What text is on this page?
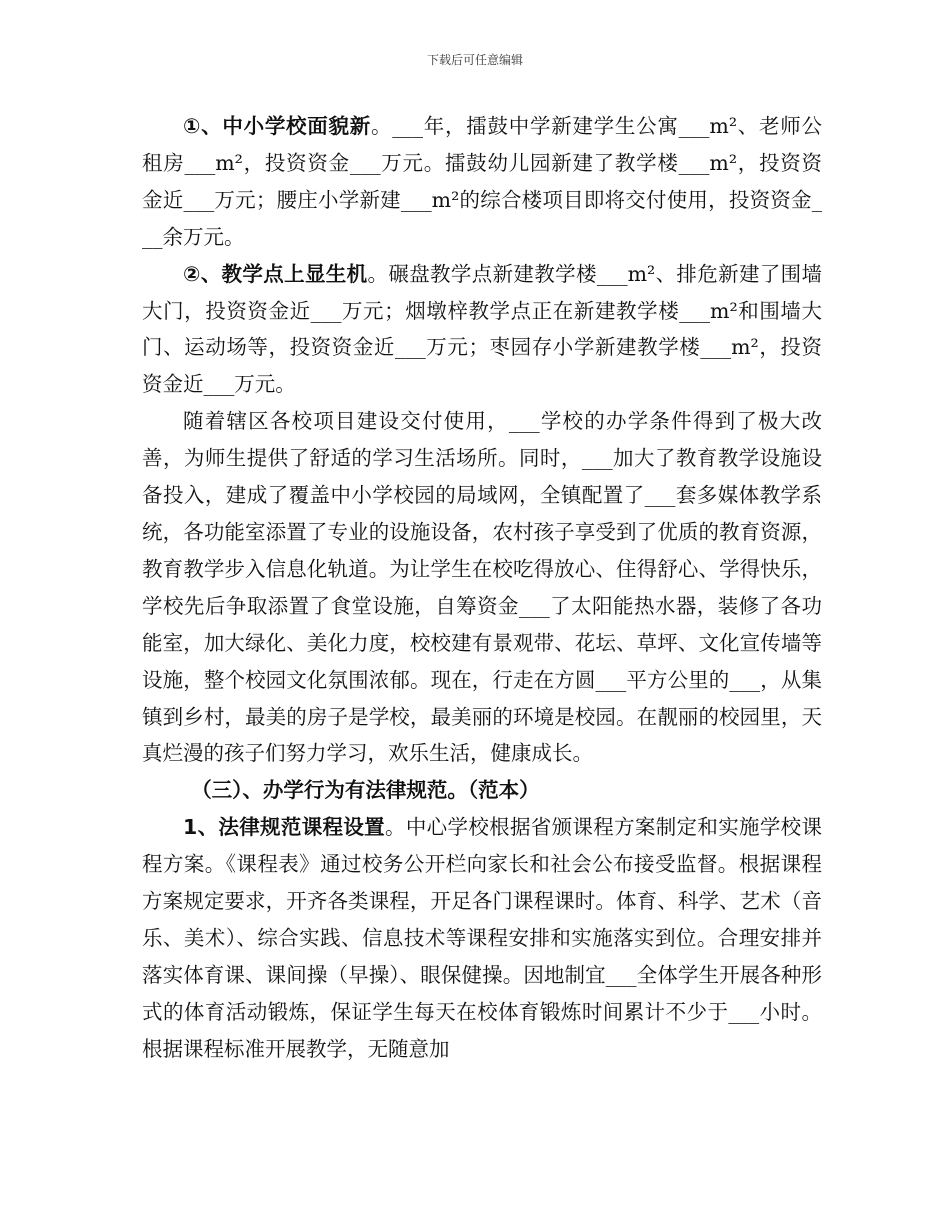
下载后可任意编辑

①、中小学校面貌新。___年，擂鼓中学新建学生公寓___m²、老师公租房___m²，投资资金___万元。擂鼓幼儿园新建了教学楼___m²，投资资金近___万元；腰庄小学新建___m²的综合楼项目即将交付使用，投资资金___余万元。

②、教学点上显生机。碾盘教学点新建教学楼___m²、排危新建了围墙大门，投资资金近___万元；烟墩梓教学点正在新建教学楼___m²和围墙大门、运动场等，投资资金近___万元；枣园存小学新建教学楼___m²，投资资金近___万元。

随着辖区各校项目建设交付使用，___学校的办学条件得到了极大改善，为师生提供了舒适的学习生活场所。同时，___加大了教育教学设施设备投入，建成了覆盖中小学校园的局域网，全镇配置了___套多媒体教学系统，各功能室添置了专业的设施设备，农村孩子享受到了优质的教育资源，教育教学步入信息化轨道。为让学生在校吃得放心、住得舒心、学得快乐，学校先后争取添置了食堂设施，自筹资金___了太阳能热水器，装修了各功能室，加大绿化、美化力度，校校建有景观带、花坛、草坪、文化宣传墙等设施，整个校园文化氛围浓郁。现在，行走在方圆___平方公里的___，从集镇到乡村，最美的房子是学校，最美丽的环境是校园。在靓丽的校园里，天真烂漫的孩子们努力学习，欢乐生活，健康成长。

（三）、办学行为有法律规范。（范本）

1、法律规范课程设置。中心学校根据省颁课程方案制定和实施学校课程方案。《课程表》通过校务公开栏向家长和社会公布接受监督。根据课程方案规定要求，开齐各类课程，开足各门课程课时。体育、科学、艺术（音乐、美术）、综合实践、信息技术等课程安排和实施落实到位。合理安排并落实体育课、课间操（早操）、眼保健操。因地制宜___全体学生开展各种形式的体育活动锻炼，保证学生每天在校体育锻炼时间累计不少于___小时。根据课程标准开展教学，无随意加
